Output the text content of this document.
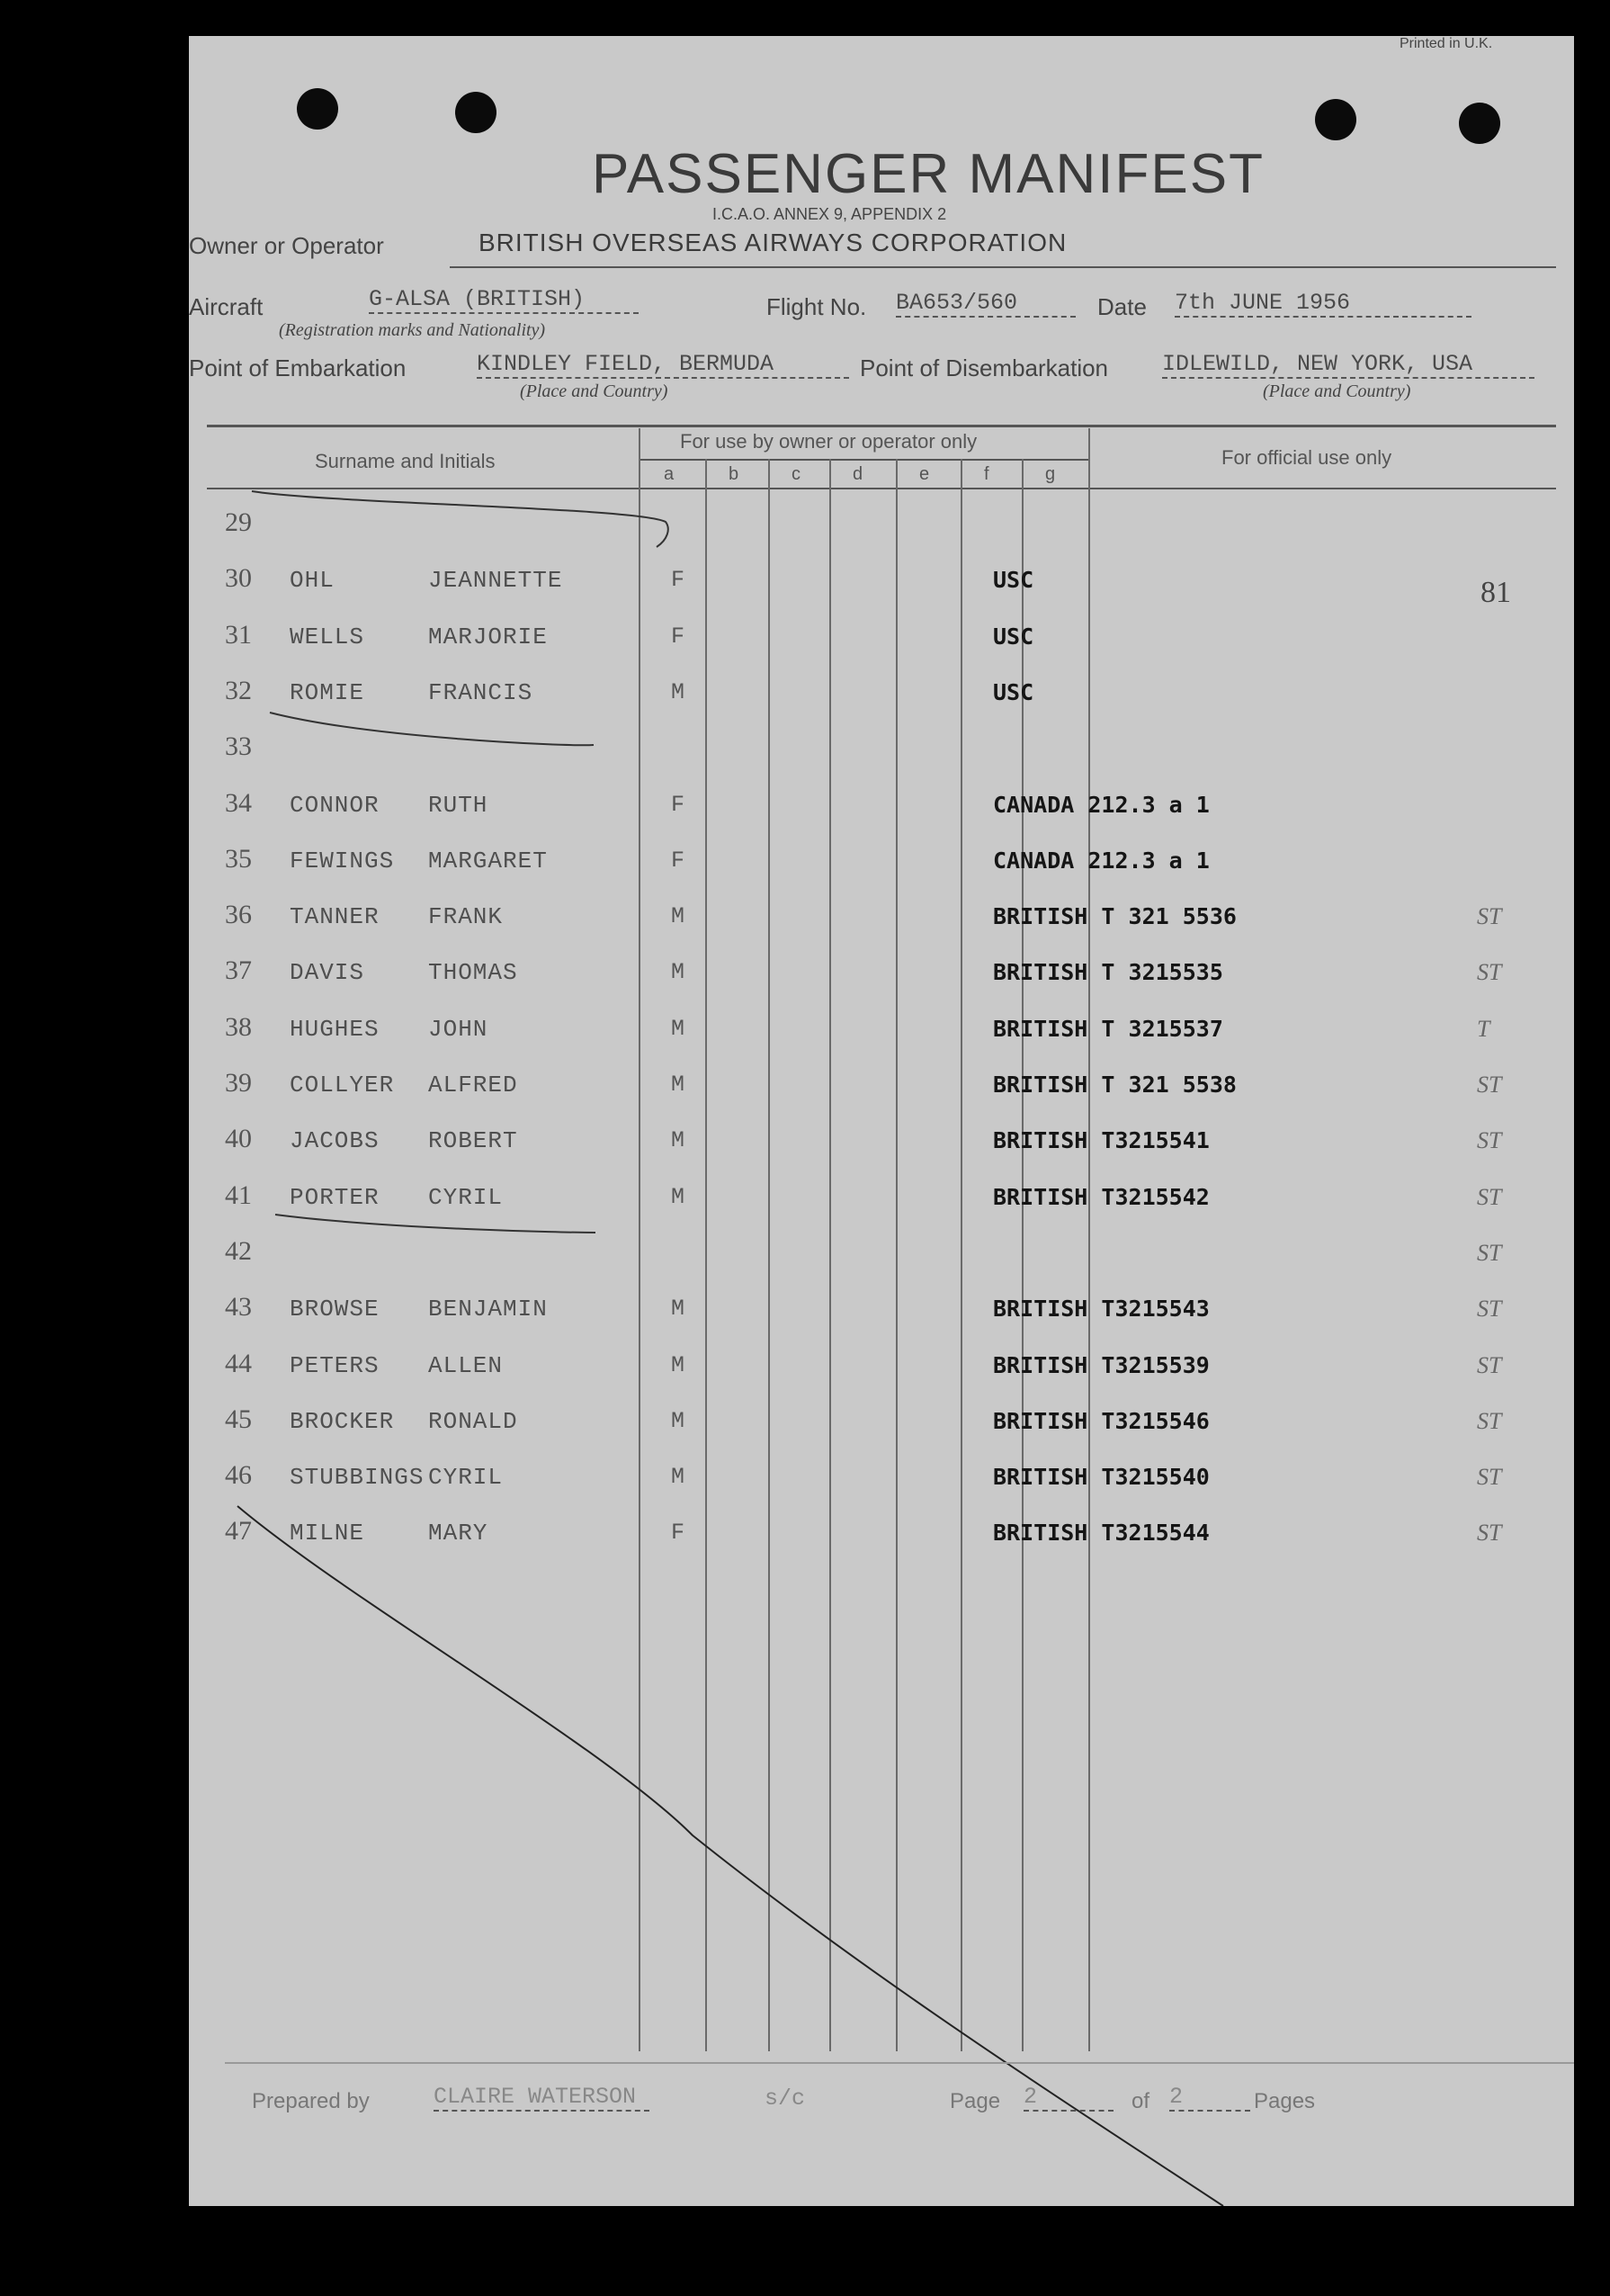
Printed in U.K.
PASSENGER MANIFEST
I.C.A.O. ANNEX 9, APPENDIX 2
Owner or Operator	BRITISH OVERSEAS AIRWAYS CORPORATION
Aircraft	G-ALSA (BRITISH)
(Registration marks and Nationality)
Flight No. BA653/560	Date 7th JUNE 1956
Point of Embarkation	KINDLEY FIELD, BERMUDA
(Place and Country)
Point of Disembarkation IDLEWILD, NEW YORK, USA
(Place and Country)
Surname and Initials
For use by owner or operator only
For official use only
a	b	c	d	e	f	g
29
30 OHL	JEANNETTE	F	USC
31 WELLS	MARJORIE	F	USC
32 ROMIE	FRANCIS	M	USC
33
34 CONNOR RUTH	F	CANADA 212.3 a 1
35 FEWINGS MARGARET	F	CANADA 212.3 a 1
36 TANNER FRANK	M	BRITISH T 321 5536	ST
37 DAVIS	THOMAS	M	BRITISH T 3215535	ST
38 HUGHES JOHN	M	BRITISH T 3215537	T
39 COLLYER ALFRED	M	BRITISH T 321 5538	ST
40 JACOBS ROBERT	M	BRITISH T3215541	ST
41 PORTER CYRIL	M	BRITISH T3215542	ST
42	ST
43 BROWSE BENJAMIN	M	BRITISH T3215543	ST
44 PETERS ALLEN	M	BRITISH T3215539	ST
45 BROCKER RONALD	M	BRITISH T3215546	ST
46 STUBBINGS CYRIL	M	BRITISH T3215540	ST
47 MILNE	MARY	F	BRITISH T3215544	ST
81
Prepared by	CLAIRE WATERSON	s/c	Page 2	of 2	Pages
